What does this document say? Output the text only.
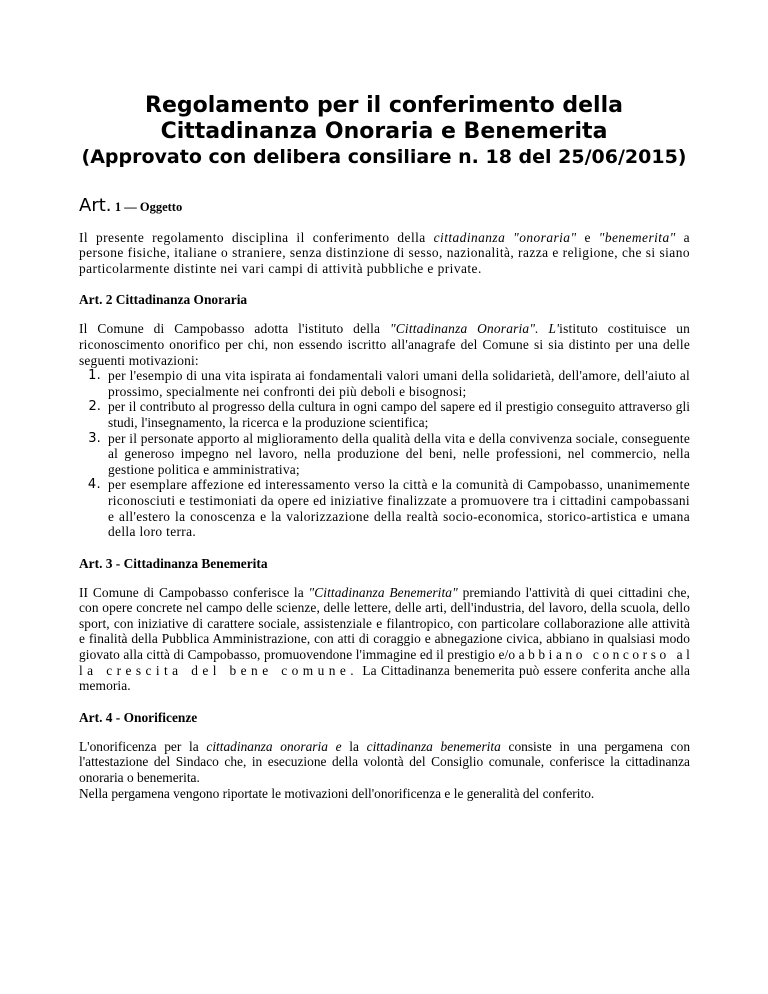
Regolamento per il conferimento della
Cittadinanza Onoraria e Benemerita
(Approvato con delibera consiliare n. 18 del 25/06/2015)
Art. 1 — Oggetto

Il presente regolamento disciplina il conferimento della cittadinanza "onoraria" e "benemerita" a persone fisiche, italiane o straniere, senza distinzione di sesso, nazionalità, razza e religione, che si siano particolarmente distinte nei vari campi di attività pubbliche e private.

Art. 2 Cittadinanza Onoraria

Il Comune di Campobasso adotta l'istituto della "Cittadinanza Onoraria". L'istituto costituisce un riconoscimento onorifico per chi, non essendo iscritto all'anagrafe del Comune si sia distinto per una delle seguenti motivazioni:

1. per l'esempio di una vita ispirata ai fondamentali valori umani della solidarietà, dell'amore, dell'aiuto al prossimo, specialmente nei confronti dei più deboli e bisognosi;
2. per il contributo al progresso della cultura in ogni campo del sapere ed il prestigio conseguito attraverso gli studi, l'insegnamento, la ricerca e la produzione scientifica;
3. per il personate apporto al miglioramento della qualità della vita e della convivenza sociale, conseguente al generoso impegno nel lavoro, nella produzione del beni, nelle professioni, nel commercio, nella gestione politica e amministrativa;
4. per esemplare affezione ed interessamento verso la città e la comunità di Campobasso, unanimemente riconosciuti e testimoniati da opere ed iniziative finalizzate a promuovere tra i cittadini campobassani e all'estero la conoscenza e la valorizzazione della realtà socio-economica, storico-artistica e umana della loro terra.
Art. 3 - Cittadinanza Benemerita

II Comune di Campobasso conferisce la "Cittadinanza Benemerita" premiando l'attività di quei cittadini che, con opere concrete nel campo delle scienze, delle lettere, delle arti, dell'industria, del lavoro, della scuola, dello sport, con iniziative di carattere sociale, assistenziale e filantropico, con particolare collaborazione alle attività e finalità della Pubblica Amministrazione, con atti di coraggio e abnegazione civica, abbiano in qualsiasi modo giovato alla città di Campobasso, promuovendone l'immagine ed il prestigio e/o a b b i a n o   c o n c o r s o   a l l a   c r e s c i t a   d e l   b e n e   c o m u n e .  La Cittadinanza benemerita può essere conferita anche alla memoria.

Art. 4 - Onorificenze

L'onorificenza per la cittadinanza onoraria e la cittadinanza benemerita consiste in una pergamena con l'attestazione del Sindaco che, in esecuzione della volontà del Consiglio comunale, conferisce la cittadinanza onoraria o benemerita.

Nella pergamena vengono riportate le motivazioni dell'onorificenza e le generalità del conferito.
